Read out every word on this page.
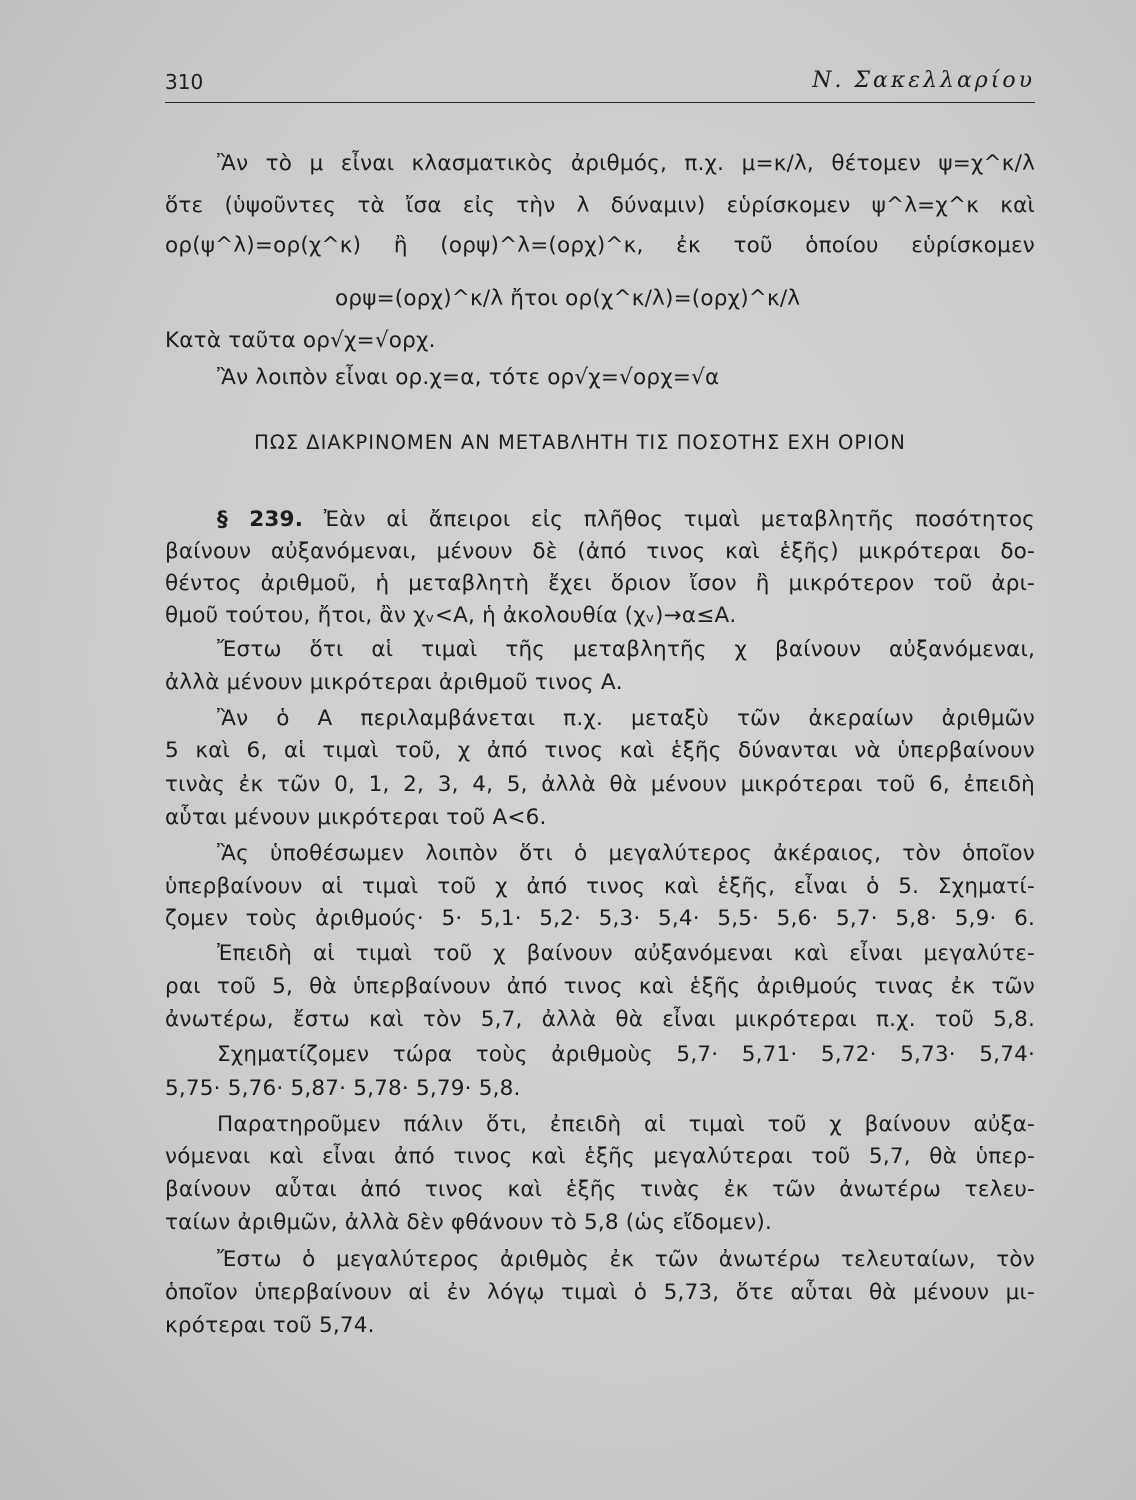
310	Ν. Σακελλαρίου
Ἂν τὸ μ εἶναι κλασματικὸς ἀριθμός, π.χ. μ=κ/λ, θέτομεν ψ=χ^κ/λ
ὅτε (ὑψοῦντες τὰ ἴσα εἰς τὴν λ δύναμιν) εὑρίσκομεν ψ^λ=χ^κ καὶ
ορ(ψ^λ)=ορ(χ^κ) ἢ (ορψ)^λ=(ορχ)^κ, ἐκ τοῦ ὁποίου εὑρίσκομεν
ορψ=(ορχ)^κ/λ ἤτοι ορ(χ^κ/λ)=(ορχ)^κ/λ
Κατὰ ταῦτα ορ√χ=√ορχ.
Ἂν λοιπὸν εἶναι ορ.χ=α, τότε ορ√χ=√ορχ=√α
ΠΩΣ ΔΙΑΚΡΙΝΟΜΕΝ ΑΝ ΜΕΤΑΒΛΗΤΗ ΤΙΣ ΠΟΣΟΤΗΣ ΕΧΗ ΟΡΙΟΝ
§ 239. Ἐὰν αἱ ἄπειροι εἰς πλῆθος τιμαὶ μεταβλητῆς ποσότητος
βαίνουν αὐξανόμεναι, μένουν δὲ (ἀπό τινος καὶ ἑξῆς) μικρότεραι δο-
θέντος ἀριθμοῦ, ἡ μεταβλητὴ ἔχει ὅριον ἴσον ἢ μικρότερον τοῦ ἀρι-
θμοῦ τούτου, ἤτοι, ἂν χᵥ<Α, ἡ ἀκολουθία (χᵥ)→α≤Α.
Ἔστω ὅτι αἱ τιμαὶ τῆς μεταβλητῆς χ βαίνουν αὐξανόμεναι,
ἀλλὰ μένουν μικρότεραι ἀριθμοῦ τινος Α.
Ἂν ὁ Α περιλαμβάνεται π.χ. μεταξὺ τῶν ἀκεραίων ἀριθμῶν
5 καὶ 6, αἱ τιμαὶ τοῦ, χ ἀπό τινος καὶ ἑξῆς δύνανται νὰ ὑπερβαίνουν
τινὰς ἐκ τῶν 0, 1, 2, 3, 4, 5, ἀλλὰ θὰ μένουν μικρότεραι τοῦ 6, ἐπειδὴ
αὗται μένουν μικρότεραι τοῦ Α<6.
Ἂς ὑποθέσωμεν λοιπὸν ὅτι ὁ μεγαλύτερος ἀκέραιος, τὸν ὁποῖον
ὑπερβαίνουν αἱ τιμαὶ τοῦ χ ἀπό τινος καὶ ἑξῆς, εἶναι ὁ 5. Σχηματί-
ζομεν τοὺς ἀριθμούς· 5· 5,1· 5,2· 5,3· 5,4· 5,5· 5,6· 5,7· 5,8· 5,9· 6.
Ἐπειδὴ αἱ τιμαὶ τοῦ χ βαίνουν αὐξανόμεναι καὶ εἶναι μεγαλύτε-
ραι τοῦ 5, θὰ ὑπερβαίνουν ἀπό τινος καὶ ἑξῆς ἀριθμούς τινας ἐκ τῶν
ἀνωτέρω, ἔστω καὶ τὸν 5,7, ἀλλὰ θὰ εἶναι μικρότεραι π.χ. τοῦ 5,8.
Σχηματίζομεν τώρα τοὺς ἀριθμοὺς 5,7· 5,71· 5,72· 5,73· 5,74·
5,75· 5,76· 5,87· 5,78· 5,79· 5,8.
Παρατηροῦμεν πάλιν ὅτι, ἐπειδὴ αἱ τιμαὶ τοῦ χ βαίνουν αὐξα-
νόμεναι καὶ εἶναι ἀπό τινος καὶ ἑξῆς μεγαλύτεραι τοῦ 5,7, θὰ ὑπερ-
βαίνουν αὗται ἀπό τινος καὶ ἑξῆς τινὰς ἐκ τῶν ἀνωτέρω τελευ-
ταίων ἀριθμῶν, ἀλλὰ δὲν φθάνουν τὸ 5,8 (ὡς εἴδομεν).
Ἔστω ὁ μεγαλύτερος ἀριθμὸς ἐκ τῶν ἀνωτέρω τελευταίων, τὸν
ὁποῖον ὑπερβαίνουν αἱ ἐν λόγῳ τιμαὶ ὁ 5,73, ὅτε αὗται θὰ μένουν μι-
κρότεραι τοῦ 5,74.
